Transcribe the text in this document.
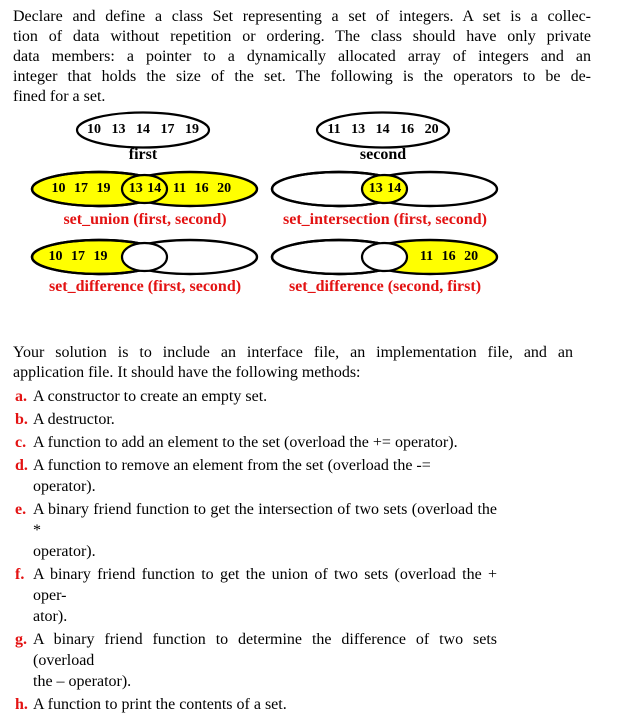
Declare and define a class Set representing a set of integers. A set is a collec-
tion of data without repetition or ordering. The class should have only private
data members: a pointer to a dynamically allocated array of integers and an
integer that holds the size of the set. The following is the operators to be de-
fined for a set.
10 13 14 17 19
first
11 13 14 16 20
second
10 17 19 13 14 11 16 20
set_union (first, second)
13 14
set_intersection (first, second)
10 17 19
set_difference (first, second)
11 16 20
set_difference (second, first)
Your solution is to include an interface file, an implementation file, and an
application file. It should have the following methods:
a. A constructor to create an empty set.
b. A destructor.
c. A function to add an element to the set (overload the += operator).
d. A function to remove an element from the set (overload the -= operator).
e. A binary friend function to get the intersection of two sets (overload the *
operator).
f. A binary friend function to get the union of two sets (overload the + oper-
ator).
g. A binary friend function to determine the difference of two sets (overload
the – operator).
h. A function to print the contents of a set.
